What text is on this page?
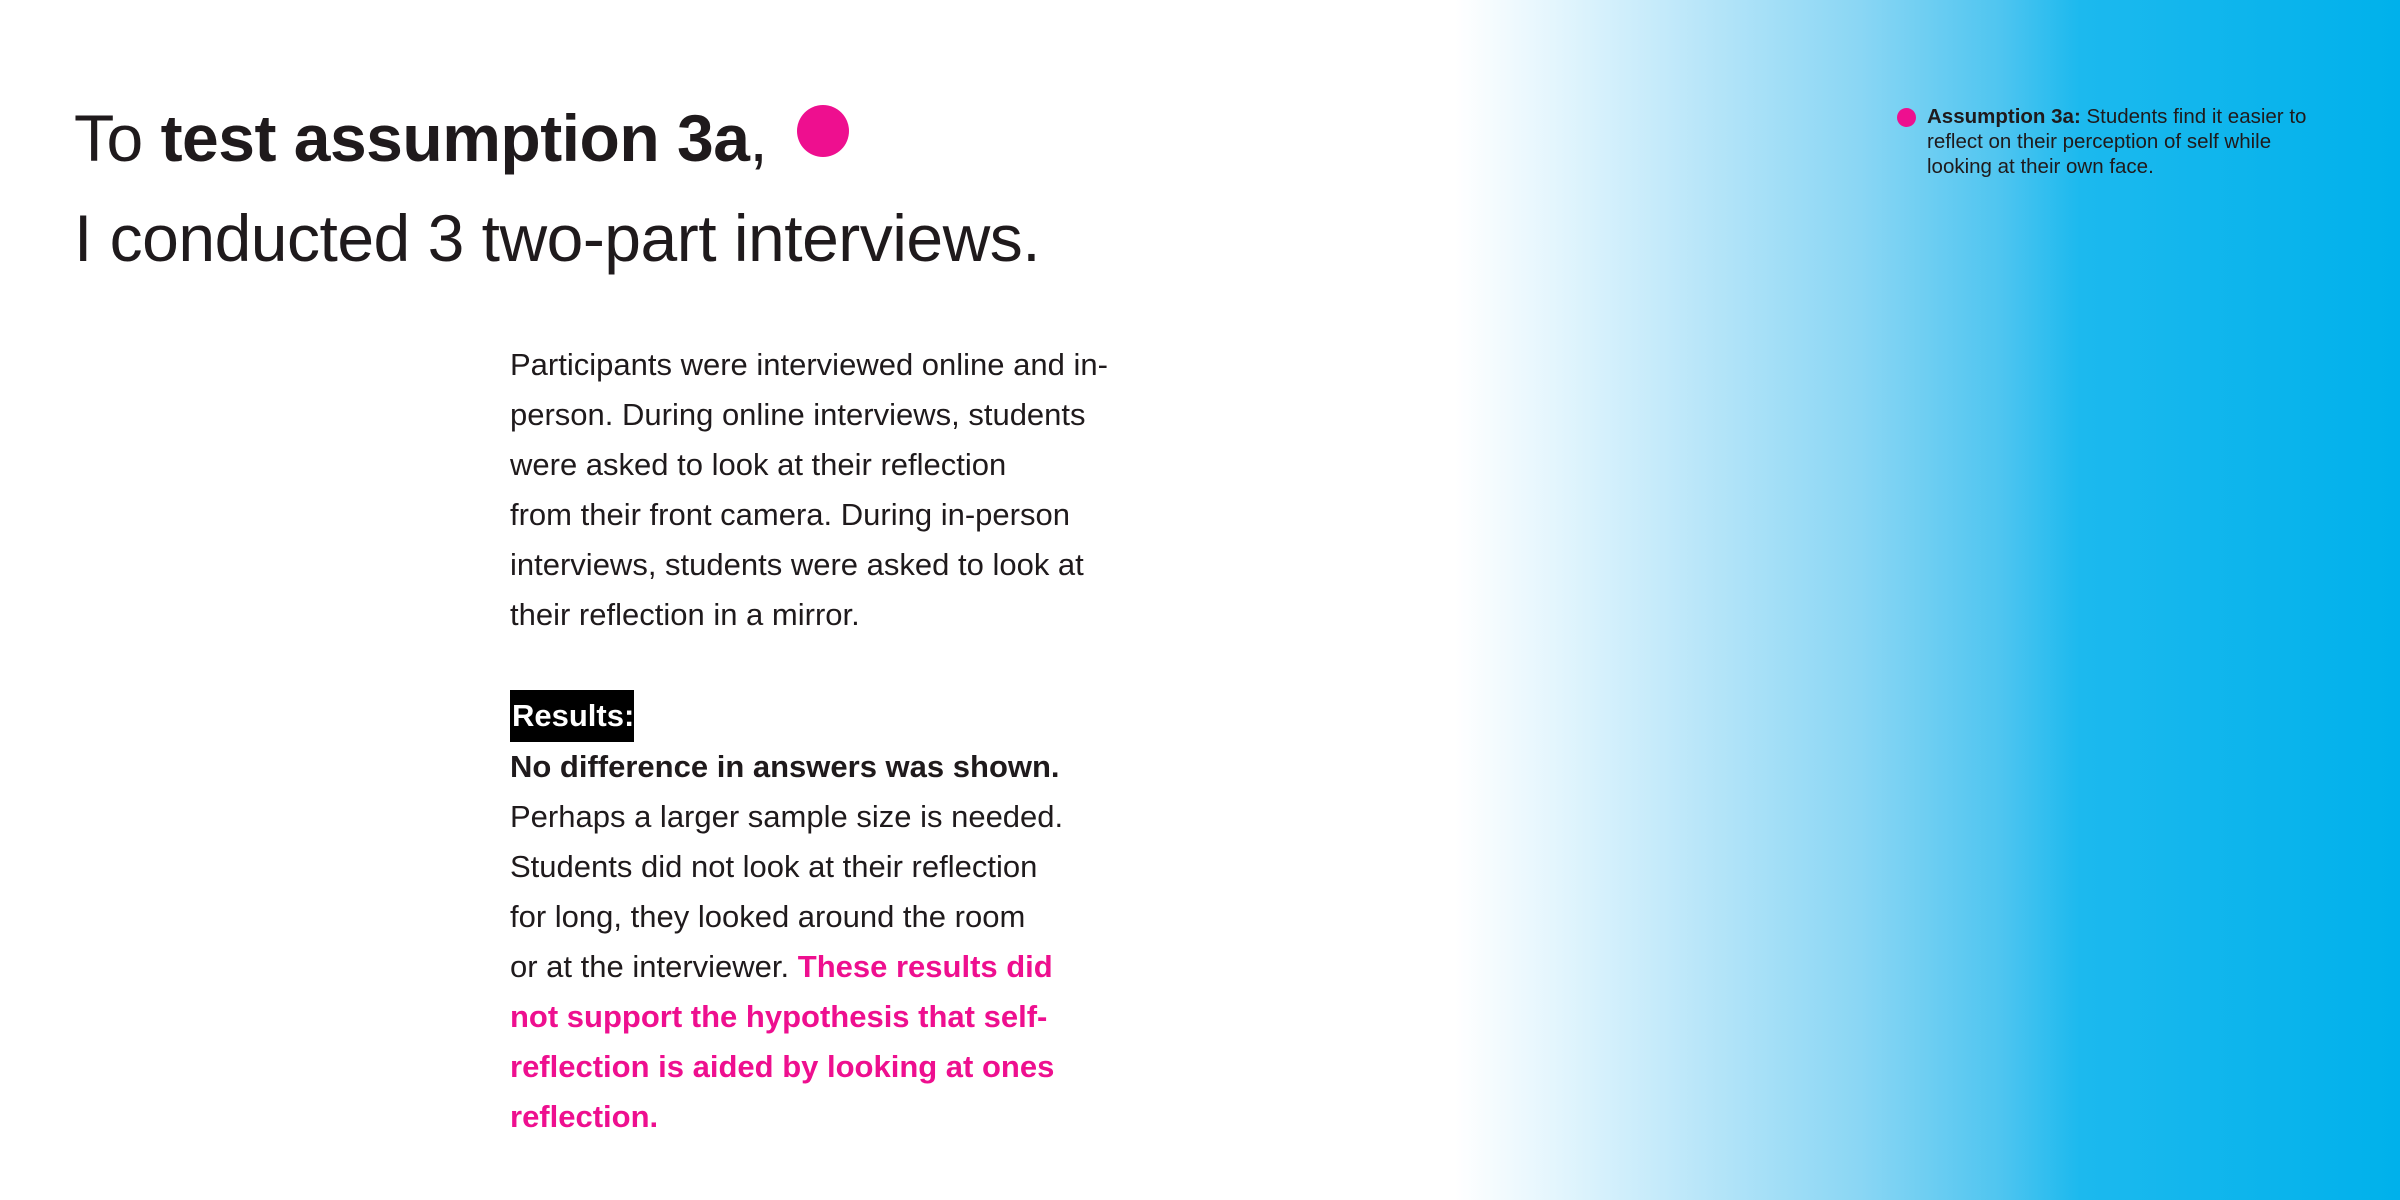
To test assumption 3a,
I conducted 3 two-part interviews.

Participants were interviewed online and in-
person. During online interviews, students
were asked to look at their reflection
from their front camera. During in-person
interviews, students were asked to look at
their reflection in a mirror.

Results:
No difference in answers was shown.
Perhaps a larger sample size is needed.
Students did not look at their reflection
for long, they looked around the room
or at the interviewer. These results did
not support the hypothesis that self-
reflection is aided by looking at ones
reflection.

Assumption 3a: Students find it easier to
reflect on their perception of self while
looking at their own face.
